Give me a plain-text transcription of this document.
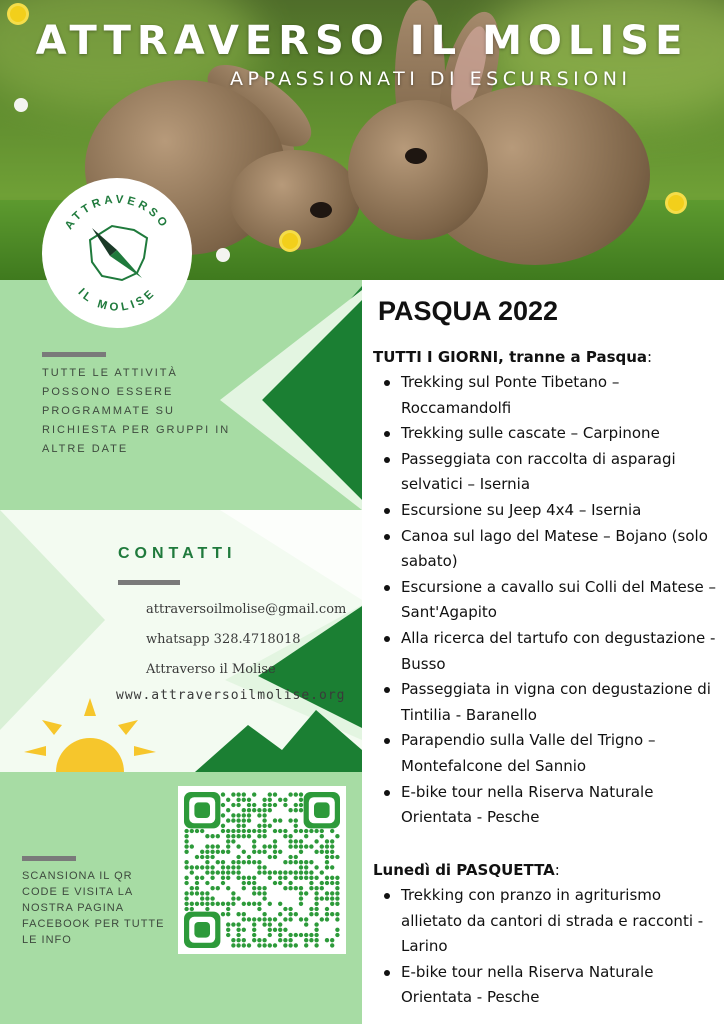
ATTRAVERSO IL MOLISE
APPASSIONATI DI ESCURSIONI
ATTRAVERSO
IL MOLISE
TUTTE LE ATTIVITÀ POSSONO ESSERE PROGRAMMATE SU RICHIESTA PER GRUPPI IN ALTRE DATE
CONTATTI
attraversoilmolise@gmail.com
whatsapp 328.4718018
Attraverso il Molise
www.attraversoilmolise.org
SCANSIONA IL QR CODE E VISITA LA NOSTRA PAGINA FACEBOOK PER TUTTE LE INFO
PASQUA 2022
TUTTI I GIORNI, tranne a Pasqua:
Trekking sul Ponte Tibetano – Roccamandolfi
Trekking sulle cascate – Carpinone
Passeggiata con raccolta di asparagi selvatici – Isernia
Escursione su Jeep 4x4 – Isernia
Canoa sul lago del Matese – Bojano (solo sabato)
Escursione a cavallo sui Colli del Matese – Sant'Agapito
Alla ricerca del tartufo con degustazione - Busso
Passeggiata in vigna con degustazione di Tintilia - Baranello
Parapendio sulla Valle del Trigno – Montefalcone del Sannio
E-bike tour nella Riserva Naturale Orientata - Pesche
Lunedì di PASQUETTA:
Trekking con pranzo in agriturismo allietato da cantori di strada e racconti - Larino
E-bike tour nella Riserva Naturale Orientata - Pesche
